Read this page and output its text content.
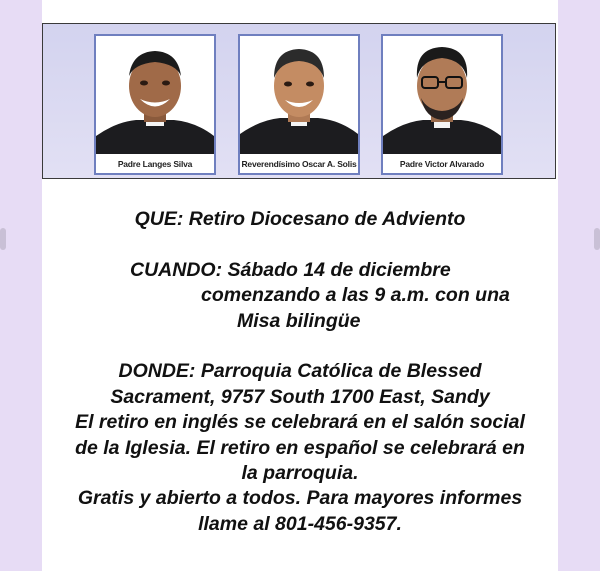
Padre Langes Silva	Reverendísimo Oscar A. Solis	Padre Victor Alvarado
QUE: Retiro Diocesano de Adviento
CUANDO: Sábado 14 de diciembre
comenzando a las 9 a.m. con una
Misa bilingüe
DONDE: Parroquia Católica de Blessed
Sacrament, 9757 South 1700 East, Sandy
El retiro en inglés se celebrará en el salón social
de la Iglesia. El retiro en español se celebrará en
la parroquia.
Gratis y abierto a todos. Para mayores informes
llame al 801-456-9357.
